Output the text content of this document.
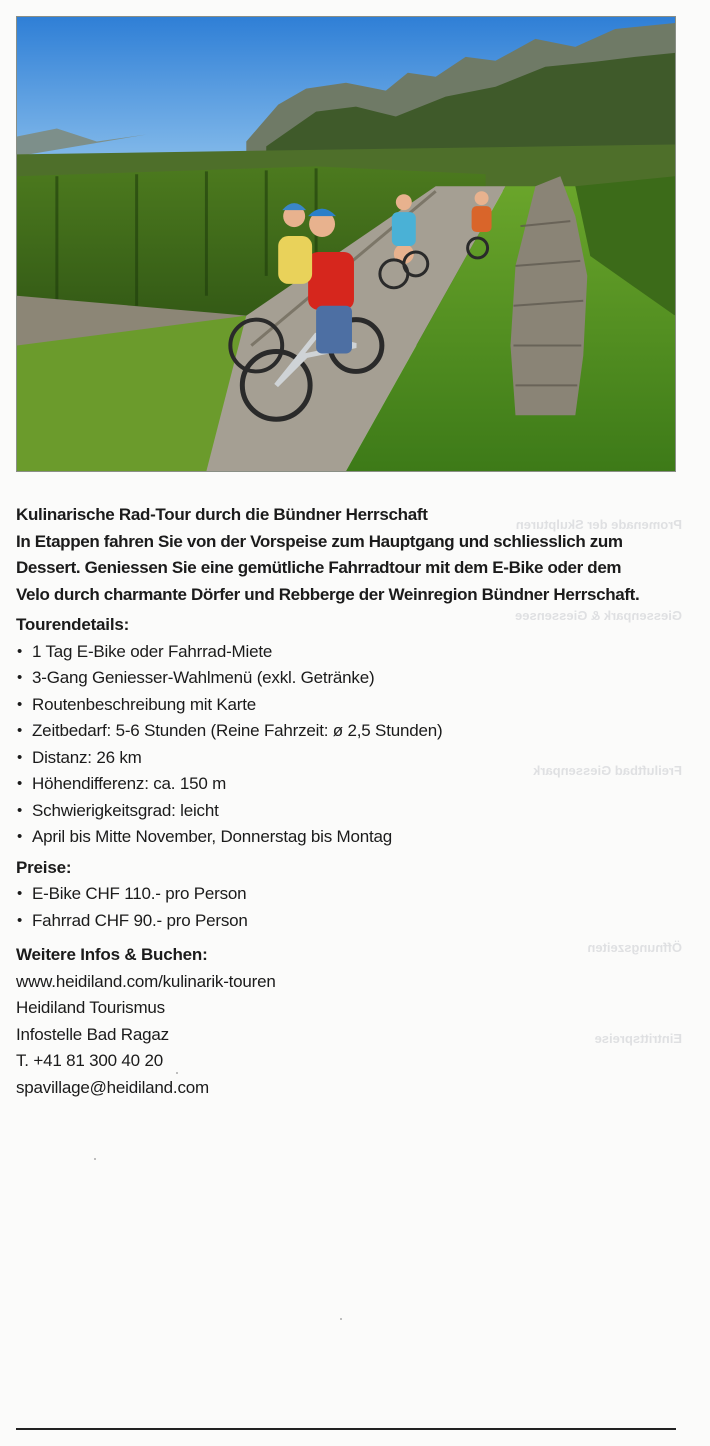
Promenade der Skulpturen
Giessenpark & Giessensee
Freiluftbad Giessenpark
Öffnungszeiten
Eintrittspreise
Kulinarische Rad-Tour durch die Bündner Herrschaft
In Etappen fahren Sie von der Vorspeise zum Hauptgang und schliesslich zum Dessert. Geniessen Sie eine gemütliche Fahrradtour mit dem E-Bike oder dem Velo durch charmante Dörfer und Rebberge der Weinregion Bündner Herrschaft.
Tourendetails:
• 1 Tag E-Bike oder Fahrrad-Miete
• 3-Gang Geniesser-Wahlmenü (exkl. Getränke)
• Routenbeschreibung mit Karte
• Zeitbedarf: 5-6 Stunden (Reine Fahrzeit: ø 2,5 Stunden)
• Distanz: 26 km
• Höhendifferenz: ca. 150 m
• Schwierigkeitsgrad: leicht
• April bis Mitte November, Donnerstag bis Montag
Preise:
• E-Bike CHF 110.- pro Person
• Fahrrad CHF 90.- pro Person
Weitere Infos & Buchen:
www.heidiland.com/kulinarik-touren
Heidiland Tourismus
Infostelle Bad Ragaz
T. +41 81 300 40 20
spavillage@heidiland.com
